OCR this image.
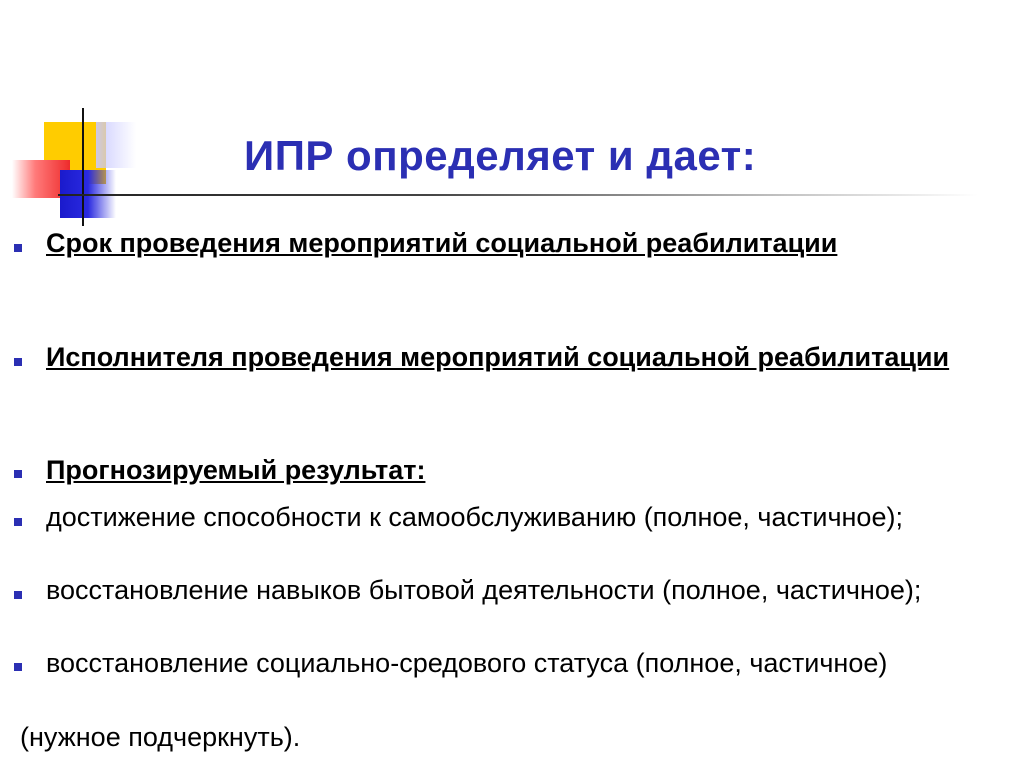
ИПР определяет и дает:
Срок проведения мероприятий социальной реабилитации
Исполнителя проведения мероприятий социальной реабилитации
Прогнозируемый результат:
достижение способности к самообслуживанию (полное, частичное);
восстановление навыков бытовой деятельности (полное, частичное);
восстановление социально-средового статуса (полное, частичное)
(нужное подчеркнуть).
